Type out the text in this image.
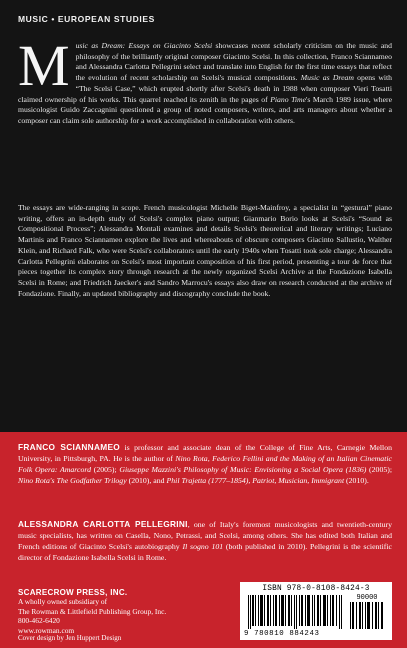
MUSIC • EUROPEAN STUDIES

Music as Dream: Essays on Giacinto Scelsi showcases recent scholarly criticism on the music and philosophy of the brilliantly original composer Giacinto Scelsi. In this collection, Franco Sciannameo and Alessandra Carlotta Pellegrini select and translate into English for the first time essays that reflect the evolution of recent scholarship on Scelsi's musical compositions. Music as Dream opens with “The Scelsi Case,” which erupted shortly after Scelsi's death in 1988 when composer Vieri Tosatti claimed ownership of his works. This quarrel reached its zenith in the pages of Piano Time's March 1989 issue, where musicologist Guido Zaccagnini questioned a group of noted composers, writers, and arts managers about whether a composer can claim sole authorship for a work accomplished in collaboration with others.

The essays are wide-ranging in scope. French musicologist Michelle Biget-Mainfroy, a specialist in “gestural” piano writing, offers an in-depth study of Scelsi's complex piano output; Gianmario Borio looks at Scelsi's “Sound as Compositional Process”; Alessandra Montali examines and details Scelsi's theoretical and literary writings; Luciano Martinis and Franco Sciannameo explore the lives and whereabouts of obscure composers Giacinto Sallustio, Walther Klein, and Richard Falk, who were Scelsi's collaborators until the early 1940s when Tosatti took sole charge; Alessandra Carlotta Pellegrini elaborates on Scelsi's most important composition of his first period, presenting a tour de force that pieces together its complex story through research at the newly organized Scelsi Archive at the Fondazione Isabella Scelsi in Rome; and Friedrich Jaecker's and Sandro Marrocu's essays also draw on research conducted at the archive of Fondazione. Finally, an updated bibliography and discography conclude the book.

FRANCO SCIANNAMEO is professor and associate dean of the College of Fine Arts, Carnegie Mellon University, in Pittsburgh, PA. He is the author of Nino Rota, Federico Fellini and the Making of an Italian Cinematic Folk Opera: Amarcord (2005); Giuseppe Mazzini's Philosophy of Music: Envisioning a Social Opera (1836) (2005); Nino Rota's The Godfather Trilogy (2010), and Phil Trajetta (1777–1854), Patriot, Musician, Immigrant (2010).

ALESSANDRA CARLOTTA PELLEGRINI, one of Italy's foremost musicologists and twentieth-century music specialists, has written on Casella, Nono, Petrassi, and Scelsi, among others. She has edited both Italian and French editions of Giacinto Scelsi's autobiography Il sogno 101 (both published in 2010). Pellegrini is the scientific director of Fondazione Isabella Scelsi in Rome.

SCARECROW PRESS, INC.
A wholly owned subsidiary of
The Rowman & Littlefield Publishing Group, Inc.
800-462-6420
www.rowman.com
Cover design by Jen Huppert Design
ISBN 978-0-8108-8424-3
90000
9 780810 884243
